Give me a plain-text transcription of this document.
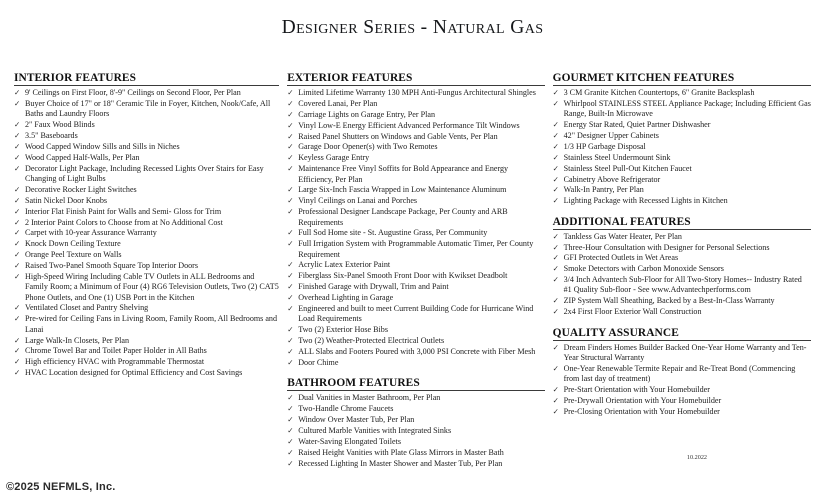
Designer Series - Natural Gas
INTERIOR FEATURES
✓ 9' Ceilings on First Floor, 8'-9" Ceilings on Second Floor, Per Plan
✓ Buyer Choice of 17" or 18" Ceramic Tile in Foyer, Kitchen, Nook/Cafe, All Baths and Laundry Floors
✓ 2" Faux Wood Blinds
✓ 3.5" Baseboards
✓ Wood Capped Window Sills and Sills in Niches
✓ Wood Capped Half-Walls, Per Plan
✓ Decorator Light Package, Including Recessed Lights Over Stairs for Easy Changing of Light Bulbs
✓ Decorative Rocker Light Switches
✓ Satin Nickel Door Knobs
✓ Interior Flat Finish Paint for Walls and Semi- Gloss for Trim
✓ 2 Interior Paint Colors to Choose from at No Additional Cost
✓ Carpet with 10-year Assurance Warranty
✓ Knock Down Ceiling Texture
✓ Orange Peel Texture on Walls
✓ Raised Two-Panel Smooth Square Top Interior Doors
✓ High-Speed Wiring Including Cable TV Outlets in ALL Bedrooms and Family Room; a Minimum of Four (4) RG6 Television Outlets, Two (2) CAT5 Phone Outlets, and One (1) USB Port in the Kitchen
✓ Ventilated Closet and Pantry Shelving
✓ Pre-wired for Ceiling Fans in Living Room, Family Room, All Bedrooms and Lanai
✓ Large Walk-In Closets, Per Plan
✓ Chrome Towel Bar and Toilet Paper Holder in All Baths
✓ High efficiency HVAC with Programmable Thermostat
✓ HVAC Location designed for Optimal Efficiency and Cost Savings
EXTERIOR FEATURES
✓ Limited Lifetime Warranty 130 MPH Anti-Fungus Architectural Shingles
✓ Covered Lanai, Per Plan
✓ Carriage Lights on Garage Entry, Per Plan
✓ Vinyl Low-E Energy Efficient Advanced Performance Tilt Windows
✓ Raised Panel Shutters on Windows and Gable Vents, Per Plan
✓ Garage Door Opener(s) with Two Remotes
✓ Keyless Garage Entry
✓ Maintenance Free Vinyl Soffits for Bold Appearance and Energy Efficiency, Per Plan
✓ Large Six-Inch Fascia Wrapped in Low Maintenance Aluminum
✓ Vinyl Ceilings on Lanai and Porches
✓ Professional Designer Landscape Package, Per County and ARB Requirements
✓ Full Sod Home site - St. Augustine Grass, Per Community
✓ Full Irrigation System with Programmable Automatic Timer, Per County Requirement
✓ Acrylic Latex Exterior Paint
✓ Fiberglass Six-Panel Smooth Front Door with Kwikset Deadbolt
✓ Finished Garage with Drywall, Trim and Paint
✓ Overhead Lighting in Garage
✓ Engineered and built to meet Current Building Code for Hurricane Wind Load Requirements
✓ Two (2) Exterior Hose Bibs
✓ Two (2) Weather-Protected Electrical Outlets
✓ ALL Slabs and Footers Poured with 3,000 PSI Concrete with Fiber Mesh
✓ Door Chime
BATHROOM FEATURES
✓ Dual Vanities in Master Bathroom, Per Plan
✓ Two-Handle Chrome Faucets
✓ Window Over Master Tub, Per Plan
✓ Cultured Marble Vanities with Integrated Sinks
✓ Water-Saving Elongated Toilets
✓ Raised Height Vanities with Plate Glass Mirrors in Master Bath
✓ Recessed Lighting In Master Shower and Master Tub, Per Plan
GOURMET KITCHEN FEATURES
✓ 3 CM Granite Kitchen Countertops, 6" Granite Backsplash
✓ Whirlpool STAINLESS STEEL Appliance Package; Including Efficient Gas Range, Built-In Microwave
✓ Energy Star Rated, Quiet Partner Dishwasher
✓ 42" Designer Upper Cabinets
✓ 1/3 HP Garbage Disposal
✓ Stainless Steel Undermount Sink
✓ Stainless Steel Pull-Out Kitchen Faucet
✓ Cabinetry Above Refrigerator
✓ Walk-In Pantry, Per Plan
✓ Lighting Package with Recessed Lights in Kitchen
ADDITIONAL FEATURES
✓ Tankless Gas Water Heater, Per Plan
✓ Three-Hour Consultation with Designer for Personal Selections
✓ GFI Protected Outlets in Wet Areas
✓ Smoke Detectors with Carbon Monoxide Sensors
✓ 3/4 Inch Advantech Sub-Floor for All Two-Story Homes-- Industry Rated #1 Quality Sub-floor - See www.Advantechperforms.com
✓ ZIP System Wall Sheathing, Backed by a Best-In-Class Warranty
✓ 2x4 First Floor Exterior Wall Construction
QUALITY ASSURANCE
✓ Dream Finders Homes Builder Backed One-Year Home Warranty and Ten-Year Structural Warranty
✓ One-Year Renewable Termite Repair and Re-Treat Bond (Commencing from last day of treatment)
✓ Pre-Start Orientation with Your Homebuilder
✓ Pre-Drywall Orientation with Your Homebuilder
✓ Pre-Closing Orientation with Your Homebuilder
10.2022
©2025 NEFMLS, Inc.
